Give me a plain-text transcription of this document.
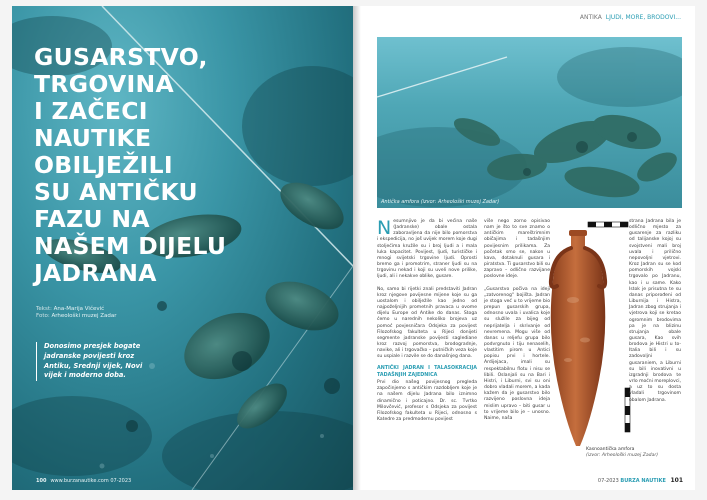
GUSARSTVO,
TRGOVINA
I ZAČECI
NAUTIKE
OBILJEŽILI
SU ANTIČKU
FAZU NA
NAŠEM DIJELU
JADRANA
Tekst: Ana-Marija Vičević
Foto: Arheološki muzej Zadar
Donosimo presjek bogate jadranske povijesti kroz Antiku, Srednji vijek, Novi vijek i moderno doba.
100 www.burzanautike.com 07-2023
ANTIKA LJUDI, MORE, BRODOVI...
Antička amfora (izvor: Arheološki muzej Zadar)

Nesumnjivo je da bi većina naše (Jadranske) obale ostala zaboravljena da nije bilo pomorstva i ekspedicija, no još uvijek morem koje dugi stoljećima kružile su i broj ljudi a i mala luka kapacitet. Povijest, ljudi, turističke i mnogi svijetski trgovine ljudi. Oprosti bremo ga i promotrim, straner ljudi su na trgovinu nekad i koji su uveli nove prilike, ljudi, ali i nekakve oblike, gusare.

No, samo bi rijetki znali predstaviti Jadran kroz njegove povijesne mijene koje su ga uostalom i obilježile kao jedno od najpoželjnijih prometnih pravaca u ovome dijelu Europe od Antike do danas. Stoga ćemo u narednih nekoliko brojeva uz pomoć povjesničara Odsjeka za povijest Filozofskog fakulteta u Rijeci donijeti segmente jadranske povijesti saglediane kroz razvoj pomorstva, brodogradnje, navike, ali i trgovačko – putničkih veza koje su uspiale i razvile se do današnjeg dana.

ANTIČKI JADRAN I TALASOKRACIJA TADAŠNJIH ZAJEDNICA

Prvi dio našeg povijesnog pregleda započinjemo s antičkim razdobljem koje je na našem dijelu Jadrana bilo iznimno dinamično i poticajno. Dr. sc. Tvrtko Milovčević, profesor s Odsjeka za povijest Filozofskog fakulteta u Rijeci, odnosno s Katedre za predmodernu povijest

više nego zorno opisivao nam je što to sve znamo o antičkim mareštrimnim običajima i tadašnjim povijesnim prilikama. Za početak smo se, nakon u kava, dotaknuli gusara i piratstva. Ti gusarstvo bili su zapravo – odlično razvijane poslovne ideje.

„Gusarstvo počiva na ideji „zatvorenog“ bojišta. Jadran je stoga već u to vrijeme bio prepun gusarskih grupa, odnosno uvala i uvalica koje su služile za bijeg od neprijatelja i skrivanje od nevremena. Mogu više od danas u reljefu grupa bilo podvrgnuto i tiju nenaselih, vlastitim pirom u Antici popisu prvi i hortele. Ardijejaca, imali su respektabilnu flotu i nisu se libili. Oslanjali su na Bari i Histri, i Liburni, svi su oni dobro vladali morem, a kada kažem da je gusarstvo bilo razvijeno poslovna ideja mislim upravo – biti gusar u to vrijeme bilo je – unosno. Naime, naša

strana Jadrana bila je odlično mjesto za gusarenje za razliku od talijanske kojoj su svojstveni mali broj uvala i prilično nepovoljni vjetrovi. Kroz Jadran su se kod pomorskih vojski trgovalo po Jadranu, kao i u same. Kako Istok je prisutna te su danas priporođeni od Liburnija i Histra, Jadran zbog strujanja i vjetrova koji se kretao ogromnim brodovima pa je na blizinu strujanja obale gusara, Kao svih brodova je Histri u to-Italia bili i su zadovoljni gusaraniem, a Liburni su bili inovativni u izgradnji brodova te vrlo moćni moreplovci, a uz to su dosta vladali trgovinom obalom Jadrana.
Kasnoantička amfora
(izvor: Arheološki muzej Zadar)
07-2023 BURZA NAUTIKE 101
